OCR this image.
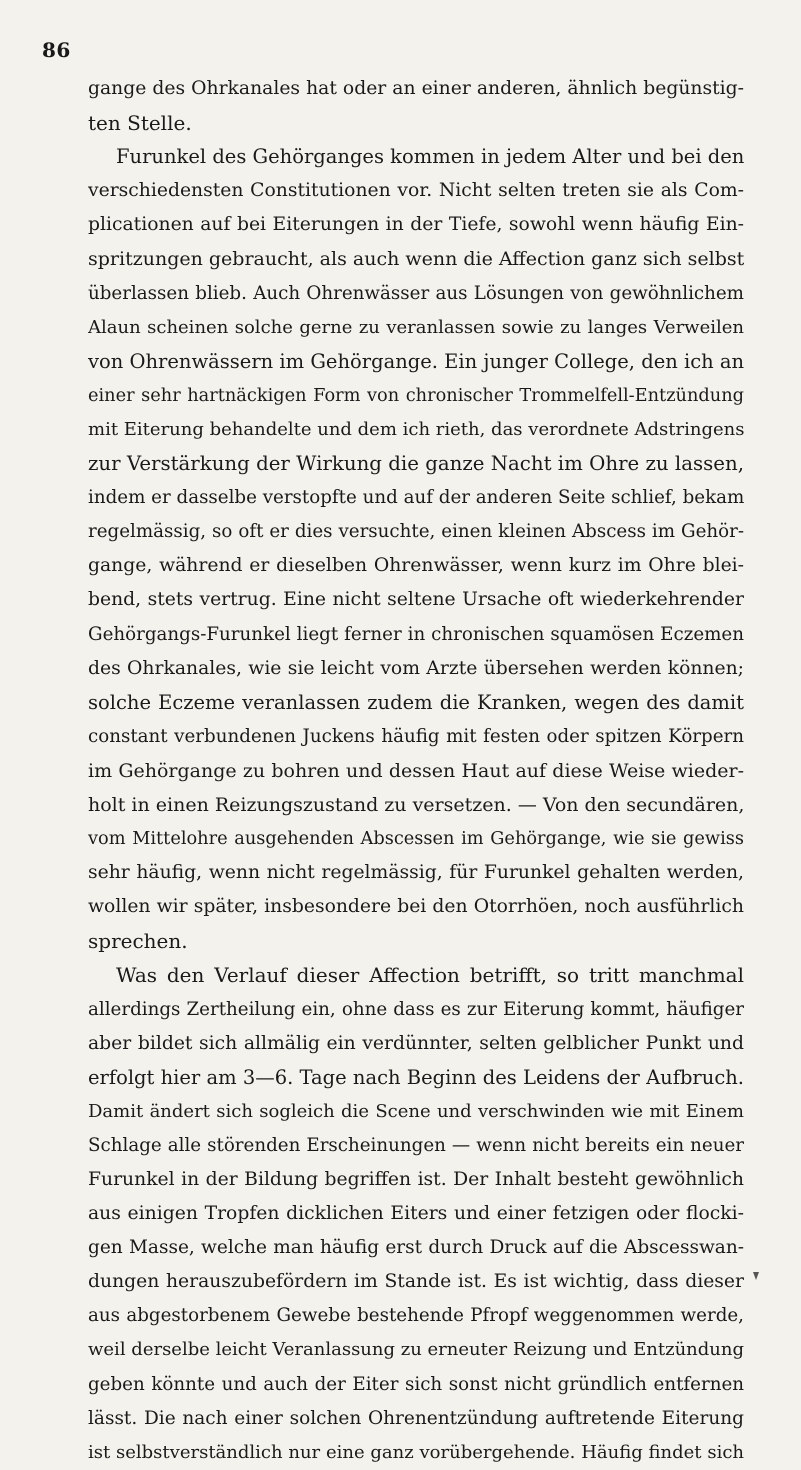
86
gange des Ohrkanales hat oder an einer anderen, ähnlich begünstig-
ten Stelle.
Furunkel des Gehörganges kommen in jedem Alter und bei den
verschiedensten Constitutionen vor. Nicht selten treten sie als Com-
plicationen auf bei Eiterungen in der Tiefe, sowohl wenn häufig Ein-
spritzungen gebraucht, als auch wenn die Affection ganz sich selbst
überlassen blieb. Auch Ohrenwässer aus Lösungen von gewöhnlichem
Alaun scheinen solche gerne zu veranlassen sowie zu langes Verweilen
von Ohrenwässern im Gehörgange. Ein junger College, den ich an
einer sehr hartnäckigen Form von chronischer Trommelfell-Entzündung
mit Eiterung behandelte und dem ich rieth, das verordnete Adstringens
zur Verstärkung der Wirkung die ganze Nacht im Ohre zu lassen,
indem er dasselbe verstopfte und auf der anderen Seite schlief, bekam
regelmässig, so oft er dies versuchte, einen kleinen Abscess im Gehör-
gange, während er dieselben Ohrenwässer, wenn kurz im Ohre blei-
bend, stets vertrug. Eine nicht seltene Ursache oft wiederkehrender
Gehörgangs-Furunkel liegt ferner in chronischen squamösen Eczemen
des Ohrkanales, wie sie leicht vom Arzte übersehen werden können;
solche Eczeme veranlassen zudem die Kranken, wegen des damit
constant verbundenen Juckens häufig mit festen oder spitzen Körpern
im Gehörgange zu bohren und dessen Haut auf diese Weise wieder-
holt in einen Reizungszustand zu versetzen. — Von den secundären,
vom Mittelohre ausgehenden Abscessen im Gehörgange, wie sie gewiss
sehr häufig, wenn nicht regelmässig, für Furunkel gehalten werden,
wollen wir später, insbesondere bei den Otorrhöen, noch ausführlich
sprechen.
Was den Verlauf dieser Affection betrifft, so tritt manchmal
allerdings Zertheilung ein, ohne dass es zur Eiterung kommt, häufiger
aber bildet sich allmälig ein verdünnter, selten gelblicher Punkt und
erfolgt hier am 3—6. Tage nach Beginn des Leidens der Aufbruch.
Damit ändert sich sogleich die Scene und verschwinden wie mit Einem
Schlage alle störenden Erscheinungen — wenn nicht bereits ein neuer
Furunkel in der Bildung begriffen ist. Der Inhalt besteht gewöhnlich
aus einigen Tropfen dicklichen Eiters und einer fetzigen oder flocki-
gen Masse, welche man häufig erst durch Druck auf die Abscesswan-
dungen herauszubefördern im Stande ist. Es ist wichtig, dass dieser
aus abgestorbenem Gewebe bestehende Pfropf weggenommen werde,
weil derselbe leicht Veranlassung zu erneuter Reizung und Entzündung
geben könnte und auch der Eiter sich sonst nicht gründlich entfernen
lässt. Die nach einer solchen Ohrenentzündung auftretende Eiterung
ist selbstverständlich nur eine ganz vorübergehende. Häufig findet sich
